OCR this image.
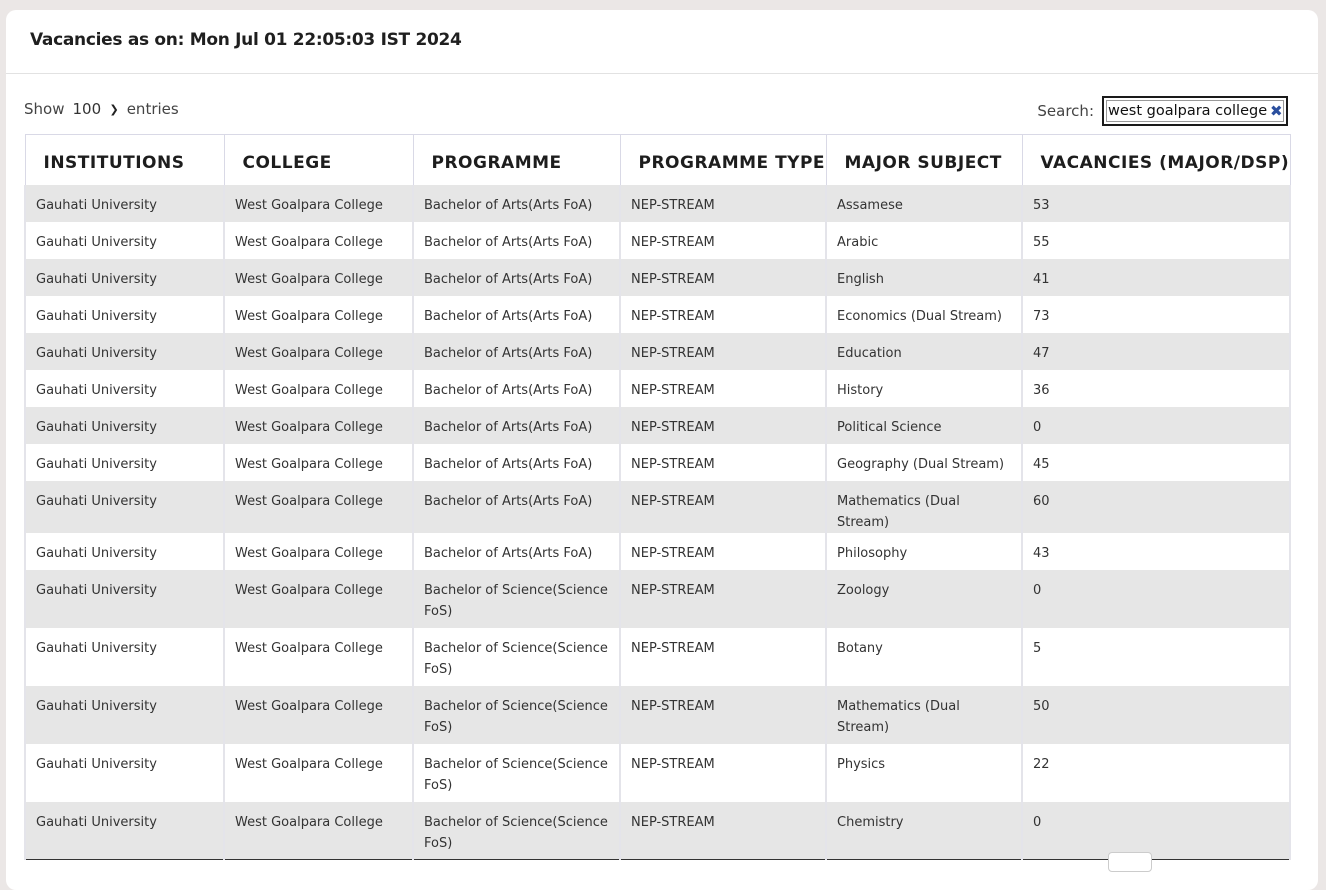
Vacancies as on: Mon Jul 01 22:05:03 IST 2024
Show
100	❯ entries	Search:
west goalpara college	✖
INSTITUTIONS	COLLEGE	PROGRAMME	PROGRAMME TYPE	MAJOR SUBJECT	VACANCIES (MAJOR/DSP)
Gauhati University	West Goalpara College	Bachelor of Arts(Arts FoA)	NEP-STREAM	Assamese	53
Gauhati University	West Goalpara College	Bachelor of Arts(Arts FoA)	NEP-STREAM	Arabic	55
Gauhati University	West Goalpara College	Bachelor of Arts(Arts FoA)	NEP-STREAM	English	41
Gauhati University	West Goalpara College	Bachelor of Arts(Arts FoA)	NEP-STREAM	Economics (Dual Stream)	73
Gauhati University	West Goalpara College	Bachelor of Arts(Arts FoA)	NEP-STREAM	Education	47
Gauhati University	West Goalpara College	Bachelor of Arts(Arts FoA)	NEP-STREAM	History	36
Gauhati University	West Goalpara College	Bachelor of Arts(Arts FoA)	NEP-STREAM	Political Science	0
Gauhati University	West Goalpara College	Bachelor of Arts(Arts FoA)	NEP-STREAM	Geography (Dual Stream)	45
Gauhati University	West Goalpara College	Bachelor of Arts(Arts FoA)	NEP-STREAM	Mathematics (Dual Stream)	60
Gauhati University	West Goalpara College	Bachelor of Arts(Arts FoA)	NEP-STREAM	Philosophy	43
Gauhati University	West Goalpara College	Bachelor of Science(Science FoS)	NEP-STREAM	Zoology	0
Gauhati University	West Goalpara College	Bachelor of Science(Science FoS)	NEP-STREAM	Botany	5
Gauhati University	West Goalpara College	Bachelor of Science(Science FoS)	NEP-STREAM	Mathematics (Dual Stream)	50
Gauhati University	West Goalpara College	Bachelor of Science(Science FoS)	NEP-STREAM	Physics	22
Gauhati University	West Goalpara College	Bachelor of Science(Science FoS)	NEP-STREAM	Chemistry	0
